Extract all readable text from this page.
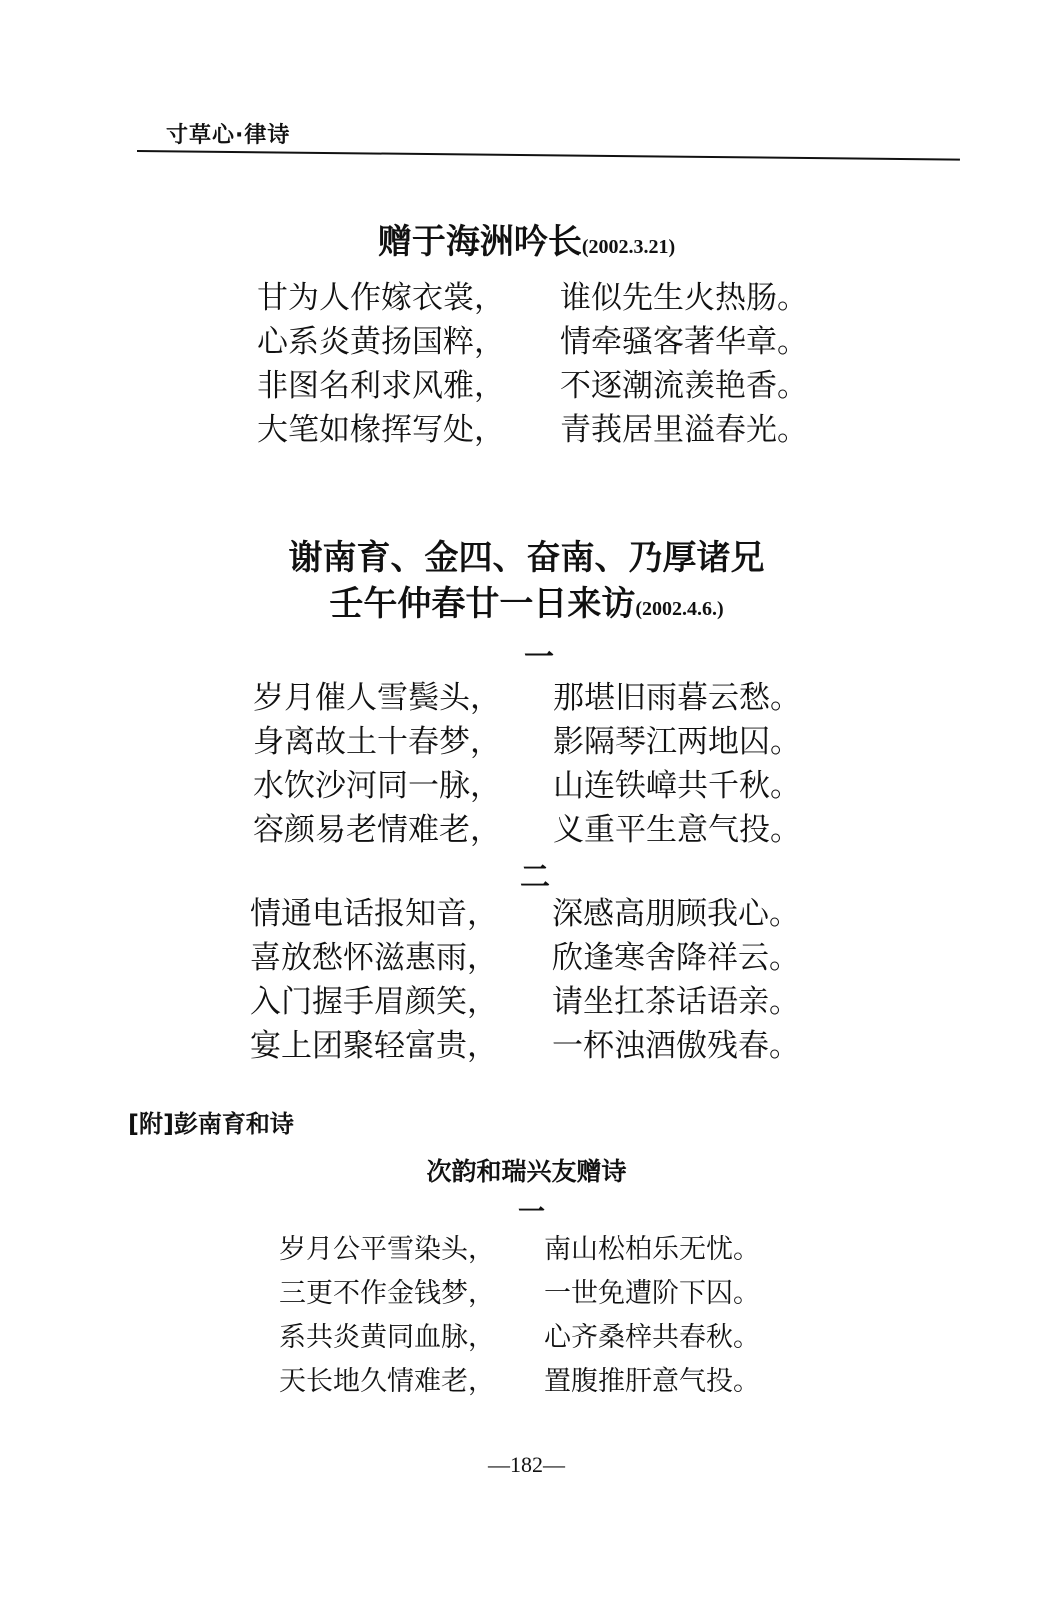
寸草心·律诗
赠于海洲吟长(2002.3.21)
甘为人作嫁衣裳，	谁似先生火热肠。
心系炎黄扬国粹，	情牵骚客著华章。
非图名利求风雅，	不逐潮流羡艳香。
大笔如椽挥写处，	青莪居里溢春光。
谢南育、金四、奋南、乃厚诸兄
壬午仲春廿一日来访(2002.4.6.)
一
岁月催人雪鬓头，	那堪旧雨暮云愁。
身离故土十春梦，	影隔琴江两地囚。
水饮沙河同一脉，	山连铁嶂共千秋。
容颜易老情难老，	义重平生意气投。
二
情通电话报知音，	深感高朋顾我心。
喜放愁怀滋惠雨，	欣逢寒舍降祥云。
入门握手眉颜笑，	请坐扛茶话语亲。
宴上团聚轻富贵，	一杯浊酒傲残春。
[附]彭南育和诗
次韵和瑞兴友赠诗
一
岁月公平雪染头，	南山松柏乐无忧。
三更不作金钱梦，	一世免遭阶下囚。
系共炎黄同血脉，	心齐桑梓共春秋。
天长地久情难老，	置腹推肝意气投。
—182—
